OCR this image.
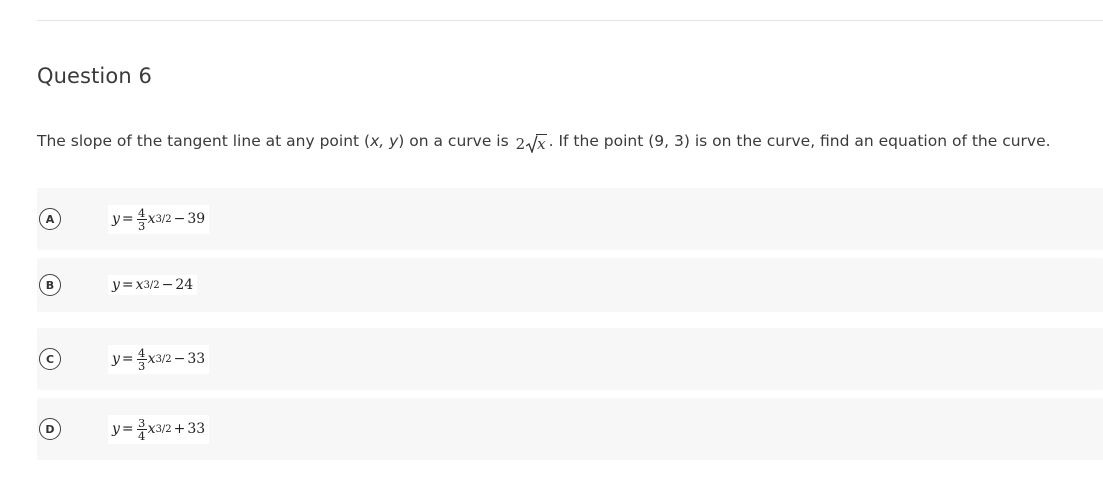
Question 6
The slope of the tangent line at any point (x, y) on a curve is 2 x . If the point (9, 3) is on the curve, find an equation of the curve.
A	$y = \frac{4}{3}$ x 3/2 − 39
B	y = x 3/2 − 24
C	$y = \frac{4}{3}$ x 3/2 − 33
D	$y = \frac{3}{4}$ x 3/2 + 33
